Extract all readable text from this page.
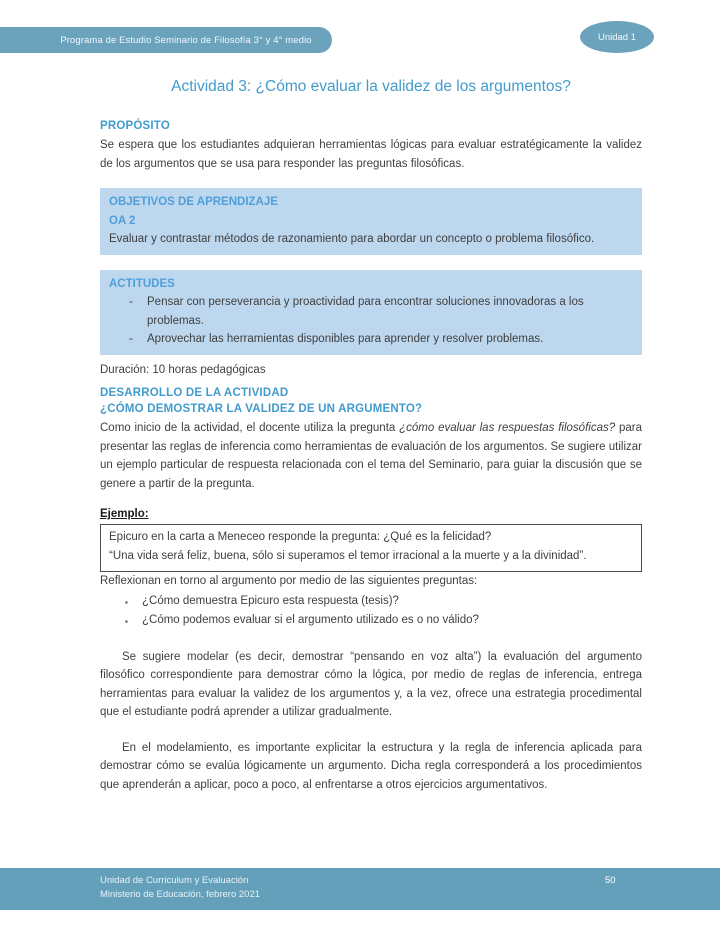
Programa de Estudio Seminario de Filosofía 3° y 4° medio	Unidad 1
Actividad 3: ¿Cómo evaluar la validez de los argumentos?
PROPÓSITO

Se espera que los estudiantes adquieran herramientas lógicas para evaluar estratégicamente la validez de los argumentos que se usa para responder las preguntas filosóficas.

OBJETIVOS DE APRENDIZAJE
OA 2
Evaluar y contrastar métodos de razonamiento para abordar un concepto o problema filosófico.
ACTITUDES
- Pensar con perseverancia y proactividad para encontrar soluciones innovadoras a los problemas.
- Aprovechar las herramientas disponibles para aprender y resolver problemas.

Duración: 10 horas pedagógicas

DESARROLLO DE LA ACTIVIDAD
¿CÓMO DEMOSTRAR LA VALIDEZ DE UN ARGUMENTO?

Como inicio de la actividad, el docente utiliza la pregunta ¿cómo evaluar las respuestas filosóficas? para presentar las reglas de inferencia como herramientas de evaluación de los argumentos. Se sugiere utilizar un ejemplo particular de respuesta relacionada con el tema del Seminario, para guiar la discusión que se genere a partir de la pregunta.

Ejemplo:
Epicuro en la carta a Meneceo responde la pregunta: ¿Qué es la felicidad?
“Una vida será feliz, buena, sólo si superamos el temor irracional a la muerte y a la divinidad”.

Reflexionan en torno al argumento por medio de las siguientes preguntas:

▪ ¿Cómo demuestra Epicuro esta respuesta (tesis)?
▪ ¿Cómo podemos evaluar si el argumento utilizado es o no válido?

Se sugiere modelar (es decir, demostrar “pensando en voz alta”) la evaluación del argumento filosófico correspondiente para demostrar cómo la lógica, por medio de reglas de inferencia, entrega herramientas para evaluar la validez de los argumentos y, a la vez, ofrece una estrategia procedimental que el estudiante podrá aprender a utilizar gradualmente.

En el modelamiento, es importante explicitar la estructura y la regla de inferencia aplicada para demostrar cómo se evalúa lógicamente un argumento. Dicha regla corresponderá a los procedimientos que aprenderán a aplicar, poco a poco, al enfrentarse a otros ejercicios argumentativos.

Unidad de Curriculum y Evaluación
Ministerio de Educación, febrero 2021
50
